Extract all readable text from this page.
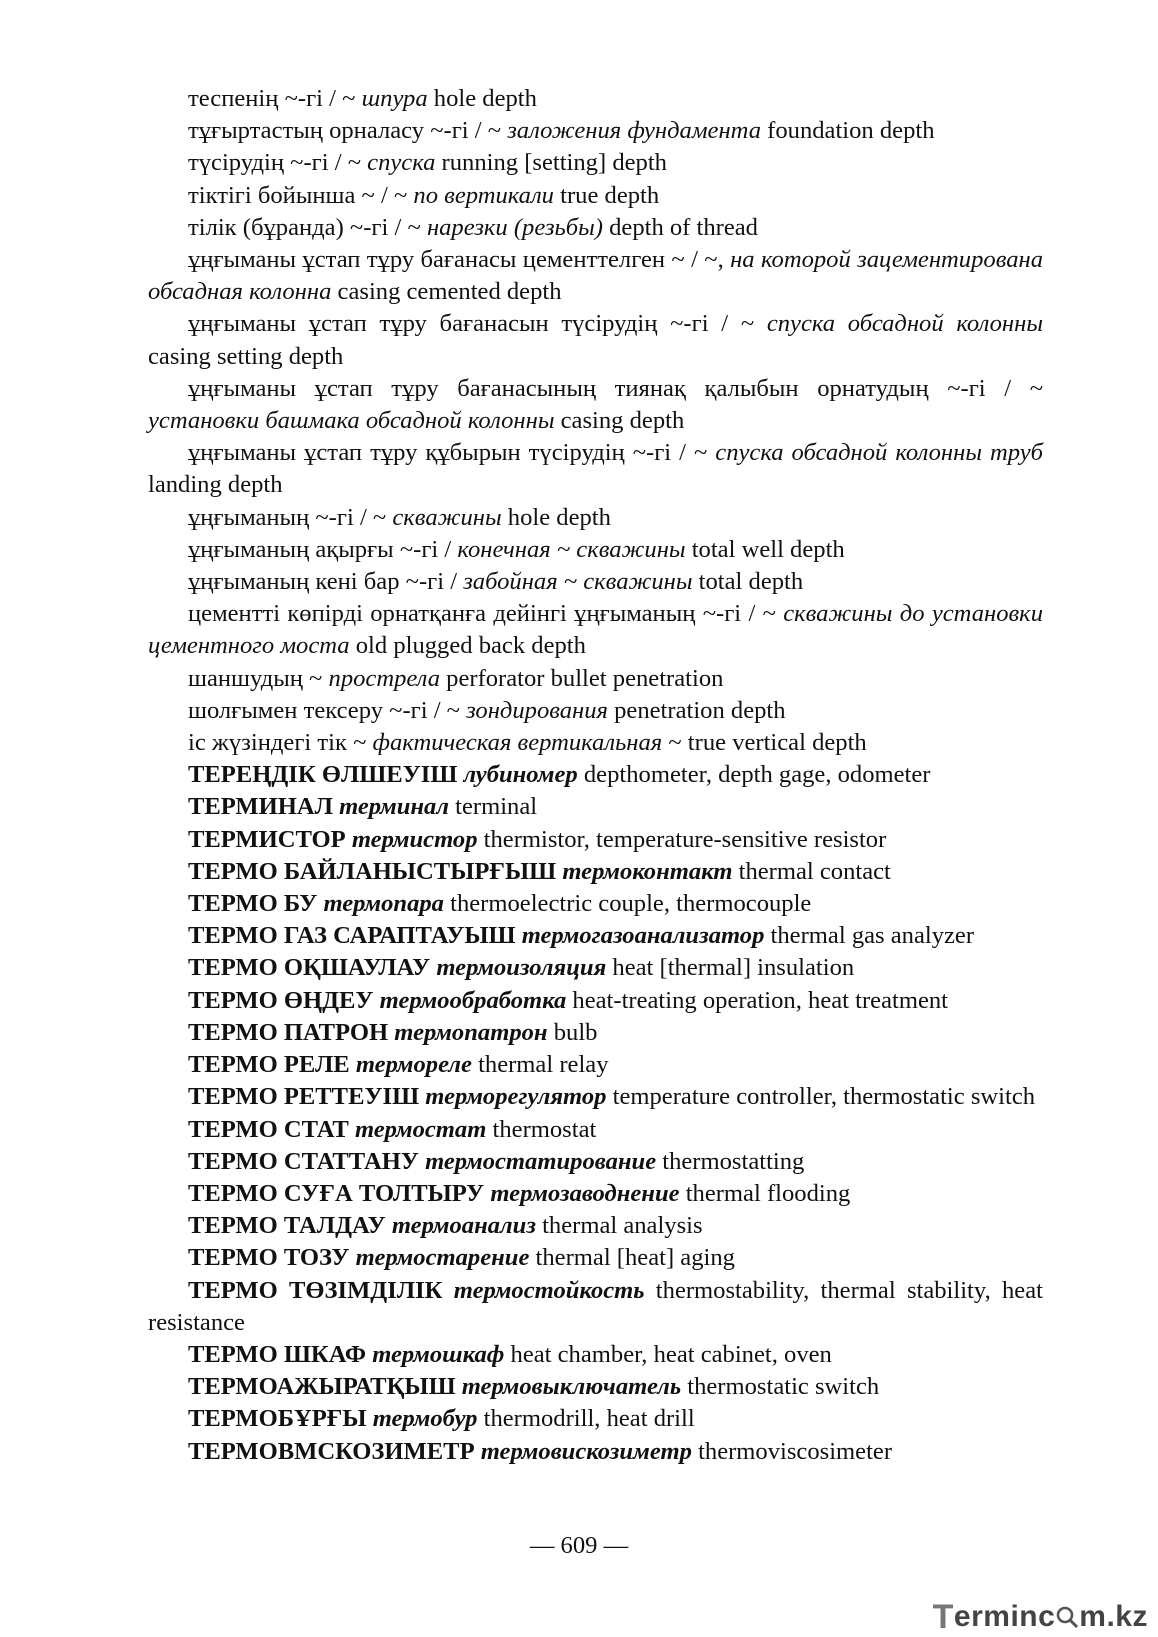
теспенің ~-гі / ~ шпура hole depth

тұғыртастың орналасу ~-гі / ~ заложения фундамента foundation depth

түсірудің ~-гі / ~ спуска running [setting] depth

тіктігі бойынша ~ / ~ по вертикали true depth

тілік (бұранда) ~-гі / ~ нарезки (резьбы) depth of thread

ұңғыманы ұстап тұру бағанасы цементтелген ~ / ~, на которой зацементирована обсадная колонна casing cemented depth

ұңғыманы ұстап тұру бағанасын түсірудің ~-гі / ~ спуска обсадной колонны casing setting depth

ұңғыманы ұстап тұру бағанасының тиянақ қалыбын орнатудың ~-гі / ~ установки башмака обсадной колонны casing depth

ұңғыманы ұстап тұру құбырын түсірудің ~-гі / ~ спуска обсадной колонны труб landing depth

ұңғыманың ~-гі / ~ скважины hole depth

ұңғыманың ақырғы ~-гі / конечная ~ скважины total well depth

ұңғыманың кені бар ~-гі / забойная ~ скважины total depth

цементті көпірді орнатқанға дейінгі ұңғыманың ~-гі / ~ скважины до установки цементного моста old plugged back depth

шаншудың ~ прострела perforator bullet penetration

шолғымен тексеру ~-гі / ~ зондирования penetration depth

іс жүзіндегі тік ~ фактическая вертикальная ~ true vertical depth

ТЕРЕҢДІК ӨЛШЕУІШ лубиномер depthometer, depth gage, odometer

ТЕРМИНАЛ терминал terminal

ТЕРМИСТОР термистор thermistor, temperature-sensitive resistor

ТЕРМО БАЙЛАНЫСТЫРҒЫШ термоконтакт thermal contact

ТЕРМО БУ термопара thermoelectric couple, thermocouple

ТЕРМО ГАЗ САРАПТАУЫШ термогазоанализатор thermal gas analyzer

ТЕРМО ОҚШАУЛАУ термоизоляция heat [thermal] insulation

ТЕРМО ӨҢДЕУ термообработка heat-treating operation, heat treatment

ТЕРМО ПАТРОН термопатрон bulb

ТЕРМО РЕЛЕ термореле thermal relay

ТЕРМО РЕТТЕУІШ терморегулятор temperature controller, thermostatic switch

ТЕРМО СТАТ термостат thermostat

ТЕРМО СТАТТАНУ термостатирование thermostatting

ТЕРМО СУҒА ТОЛТЫРУ термозаводнение thermal flooding

ТЕРМО ТАЛДАУ термоанализ thermal analysis

ТЕРМО ТОЗУ термостарение thermal [heat] aging

ТЕРМО ТӨЗІМДІЛІК термостойкость thermostability, thermal stability, heat resistance

ТЕРМО ШКАФ термошкаф heat chamber, heat cabinet, oven

ТЕРМОАЖЫРАТҚЫШ термовыключатель thermostatic switch

ТЕРМОБҰРҒЫ термобур thermodrill, heat drill

ТЕРМОВМСКОЗИМЕТР термовискозиметр thermoviscosimeter

— 609 —
T erminc m.kz
